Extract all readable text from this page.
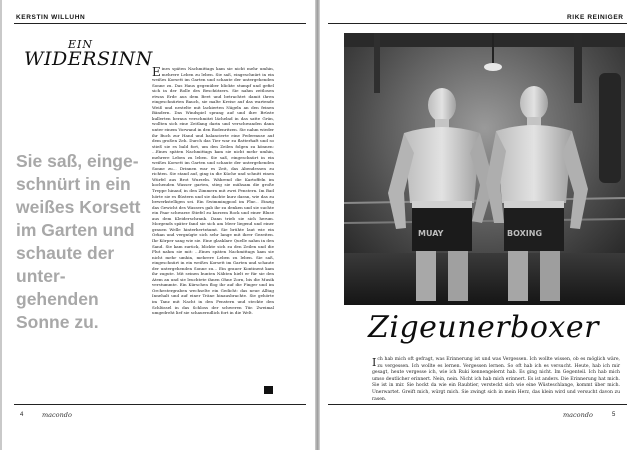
KERSTIN WILLUHN
EIN
WIDERSINN
Sie saß, einge-schnürt in ein weißes Korsett im Garten und schaute der unter-gehenden Sonne zu.
Eines späten Nachmittags kam sie nicht mehr umhin, mehrere Leben zu leben. Sie saß, eingeschnürt in ein weißes Korsett im Garten und schaute der untergehenden Sonne zu. Das Haus gegenüber blickte stumpf und gefiel sich in der Rolle des Beschützers. Sie nahm zeitlosen etwas Erde aus dem Beet und betrachtet damit ihren eingeschnürten Bauch, sie malte Kreise auf das wartende Weiß und nestelte mit lackierten Nägeln an den feinen Bändern. Das Windspiel sprang auf und ihre Brüste kullerten heraus verschmitzt lächelnd in das satte Grün, wollten sich eine Zeitlang darin und verschwanden dann unter einem Vorwand in den Bodenritzen. Sie nahm wieder ihr Buch zur Hand und balancierte eine Federmuse auf dem großen Zeh. Durch das Tier war zu flatterhaft und so stieß sie es bald fort, um den Zeilen folgen zu können: ...Eines späten Nachmittags kam sie nicht mehr umhin, mehrere Leben zu leben. Sie saß, eingeschnürt in ein weißes Korsett im Garten und schaute der untergehenden Sonne zu... Drinnen war es Zeit, das Abendessen zu richten. Sie stand auf, ging in die Küche und schnitt einen Würfel aus Brot Wurzeln. Während die Kartoffeln im kochenden Wasser garten, stieg sie mühsam die große Treppe hinauf, in den Zimmern mit zwei Fenstern. Im Bad hörte sie es flüstern und sie dachte kurz daran, wie das zu bewerkstelligen sei. Ein Swimmingpool im Flur... Einzig das Gewicht des Wassers gab ihr zu denken und sie suchte ein Paar schwarze Stiefel zu kurzem Rock und einer Bluse aus dem Kleiderschrank. Dann trieb sie sich herum. Morgends später fand sie sich am Meer liegend und einer grauen Welle hinterherträumt. Sie brühte laut wie ein Orkan und vergnügte sich sehr lange mit ihrer Gezeiten. Ihr Körper sang wie sie. Eine glasklare Quelle nahm in den Sand. Sie kam zurück, blickte sich zu den Zeilen und die Flut nahm sie mit: ...Eines späten Nachmittags kam sie nicht mehr umhin, mehrere Leben zu leben. Sie saß, eingeschnürt in ein weißes Korsett im Garten und schaute der untergehenden Sonne zu... Ein grauer Kontinent kam ihr zugute. Mit seinen bunten Nähten hielt er für sie den Atem an und sie leuchtete ihnen Ohne Zorn, bis die Musik verstummte. Ein Kürschen flog ihr auf die Finger und im Orchestergraben wechselte ein Gedicht: das neue Alltag Innehalt und auf einer Träne hinausbrachte. Sie gehörte im Tanz mit Nacht in den Fenstern und steckte den Schlüssel in das Schloss der schweren Tür. Zweimal umgedreht lief sie schauerndlich fort in die Welt.
4	macondo
RIKE REINIGER
macondo	5
MUAY	BOXING
Zigeunerboxer
Ich hab mich oft gefragt, was Erinnerung ist und was Vergessen. Ich wollte wissen, ob es möglich wäre, zu vergessen. Ich wollte es lernen. Vergessen lernen. So oft hab ich es versucht. Heute, hab ich mir gesagt, heute vergesse ich, wie ich Ruki kennengelernt hab. Es ging nicht. Im Gegenteil. Ich hab mich umso deutlicher erinnert. Nein, nein. Nicht ich hab mich erinnert. Es ist anders. Die Erinnerung hat mich. Sie ist in mir. Sie hockt da wie ein Raubtier, versteckt sich wie eine Wüsteschlange, kommt über mich. Unerwartet. Greift mich, würgt mich. Sie zwingt sich in mein Herz, das klein wird und versucht davon zu rasen.
